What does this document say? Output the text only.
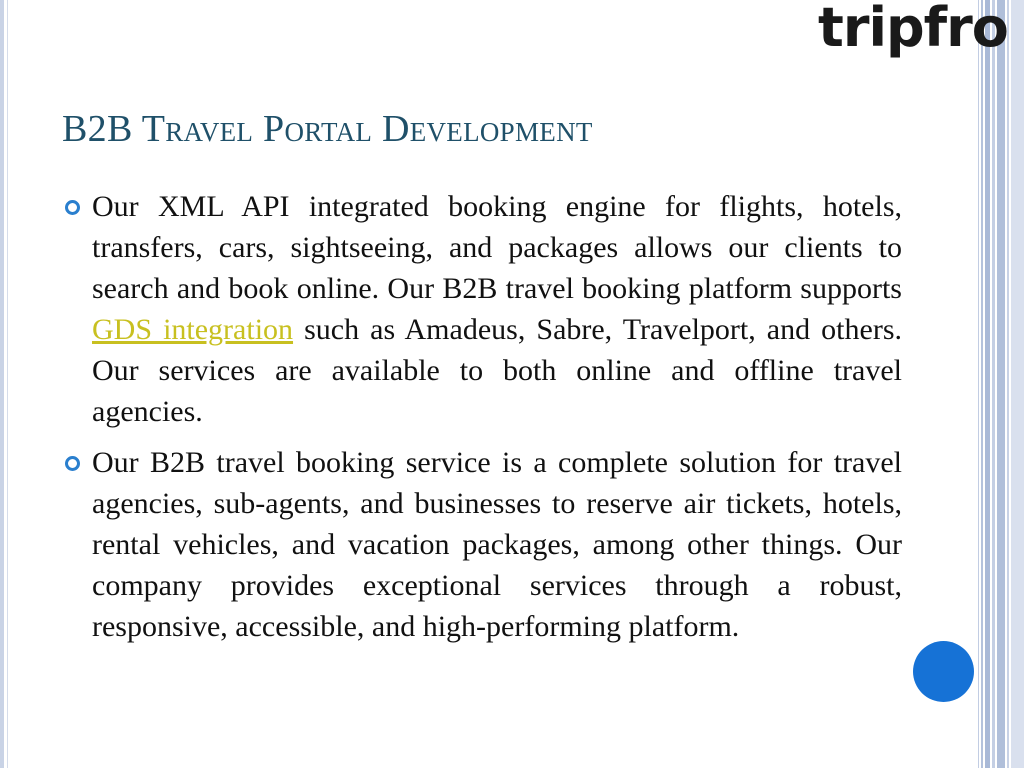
tripfro
B2B Travel Portal Development

Our XML API integrated booking engine for flights, hotels, transfers, cars, sightseeing, and packages allows our clients to search and book online. Our B2B travel booking platform supports GDS integration such as Amadeus, Sabre, Travelport, and others. Our services are available to both online and offline travel agencies.

Our B2B travel booking service is a complete solution for travel agencies, sub-agents, and businesses to reserve air tickets, hotels, rental vehicles, and vacation packages, among other things. Our company provides exceptional services through a robust, responsive, accessible, and high-performing platform.
